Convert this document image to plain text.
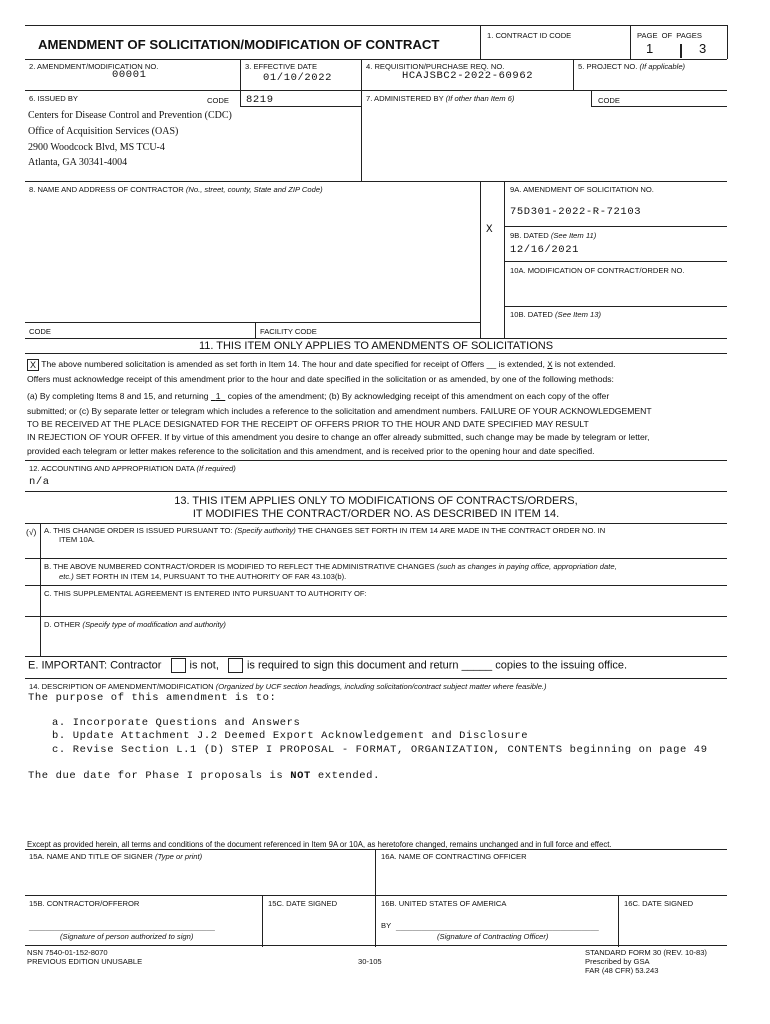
AMENDMENT OF SOLICITATION/MODIFICATION OF CONTRACT
1. CONTRACT ID CODE	PAGE OF PAGES
1	3
2. AMENDMENT/MODIFICATION NO.
00001
3. EFFECTIVE DATE
01/10/2022
4. REQUISITION/PURCHASE REQ. NO.
HCAJSBC2-2022-60962
5. PROJECT NO. (If applicable)
6. ISSUED BY	CODE 8219
Centers for Disease Control and Prevention (CDC)
Office of Acquisition Services (OAS)
2900 Woodcock Blvd, MS TCU-4
Atlanta, GA 30341-4004
7. ADMINISTERED BY (If other than Item 6)	CODE
8. NAME AND ADDRESS OF CONTRACTOR (No., street, county, State and ZIP Code)	9A. AMENDMENT OF SOLICITATION NO.
75D301-2022-R-72103
X 9B. DATED (See Item 11)
12/16/2021
10A. MODIFICATION OF CONTRACT/ORDER NO.
10B. DATED (See Item 13)
CODE	FACILITY CODE
11. THIS ITEM ONLY APPLIES TO AMENDMENTS OF SOLICITATIONS
X The above numbered solicitation is amended as set forth in Item 14. The hour and date specified for receipt of Offers __ is extended, X is not extended.
Offers must acknowledge receipt of this amendment prior to the hour and date specified in the solicitation or as amended, by one of the following methods:
(a) By completing Items 8 and 15, and returning 1 copies of the amendment; (b) By acknowledging receipt of this amendment on each copy of the offer
submitted; or (c) By separate letter or telegram which includes a reference to the solicitation and amendment numbers. FAILURE OF YOUR ACKNOWLEDGEMENT
TO BE RECEIVED AT THE PLACE DESIGNATED FOR THE RECEIPT OF OFFERS PRIOR TO THE HOUR AND DATE SPECIFIED MAY RESULT
IN REJECTION OF YOUR OFFER. If by virtue of this amendment you desire to change an offer already submitted, such change may be made by telegram or letter,
provided each telegram or letter makes reference to the solicitation and this amendment, and is received prior to the opening hour and date specified.
12. ACCOUNTING AND APPROPRIATION DATA (If required)
n/a
13. THIS ITEM APPLIES ONLY TO MODIFICATIONS OF CONTRACTS/ORDERS,
IT MODIFIES THE CONTRACT/ORDER NO. AS DESCRIBED IN ITEM 14.
(√) A. THIS CHANGE ORDER IS ISSUED PURSUANT TO: (Specify authority) THE CHANGES SET FORTH IN ITEM 14 ARE MADE IN THE CONTRACT ORDER NO. IN
ITEM 10A.
B. THE ABOVE NUMBERED CONTRACT/ORDER IS MODIFIED TO REFLECT THE ADMINISTRATIVE CHANGES (such as changes in paying office, appropriation date,
etc.) SET FORTH IN ITEM 14, PURSUANT TO THE AUTHORITY OF FAR 43.103(b).
C. THIS SUPPLEMENTAL AGREEMENT IS ENTERED INTO PURSUANT TO AUTHORITY OF:
D. OTHER (Specify type of modification and authority)
E. IMPORTANT: Contractor	is not,	is required to sign this document and return _____ copies to the issuing office.
14. DESCRIPTION OF AMENDMENT/MODIFICATION (Organized by UCF section headings, including solicitation/contract subject matter where feasible.)
The purpose of this amendment is to:
a. Incorporate Questions and Answers
b. Update Attachment J.2 Deemed Export Acknowledgement and Disclosure
c. Revise Section L.1 (D) STEP I PROPOSAL - FORMAT, ORGANIZATION, CONTENTS beginning on page 49
The due date for Phase I proposals is NOT extended.
Except as provided herein, all terms and conditions of the document referenced in Item 9A or 10A, as heretofore changed, remains unchanged and in full force and effect.
15A. NAME AND TITLE OF SIGNER (Type or print)	16A. NAME OF CONTRACTING OFFICER
15B. CONTRACTOR/OFFEROR
____________________________________________
(Signature of person authorized to sign)
15C. DATE SIGNED	16B. UNITED STATES OF AMERICA
BY ________________________________________________
(Signature of Contracting Officer)
16C. DATE SIGNED
NSN 7540-01-152-8070
PREVIOUS EDITION UNUSABLE	30-105
STANDARD FORM 30 (REV. 10-83)
Prescribed by GSA
FAR (48 CFR) 53.243
